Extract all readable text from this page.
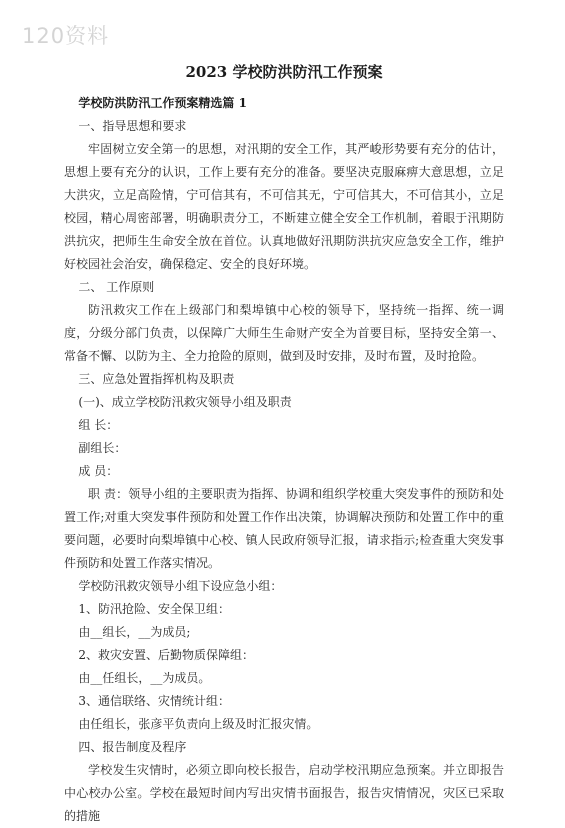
120资料

2023 学校防洪防汛工作预案

学校防洪防汛工作预案精选篇 1

一、指导思想和要求

牢固树立安全第一的思想，对汛期的安全工作，其严峻形势要有充分的估计，思想上要有充分的认识，工作上要有充分的准备。要坚决克服麻痹大意思想，立足大洪灾，立足高险情，宁可信其有，不可信其无，宁可信其大，不可信其小，立足校园，精心周密部署，明确职责分工，不断建立健全安全工作机制，着眼于汛期防洪抗灾，把师生生命安全放在首位。认真地做好汛期防洪抗灾应急安全工作，维护好校园社会治安，确保稳定、安全的良好环境。

二、 工作原则

防汛救灾工作在上级部门和梨埠镇中心校的领导下，坚持统一指挥、统一调度，分级分部门负责，以保障广大师生生命财产安全为首要目标，坚持安全第一、常备不懈、以防为主、全力抢险的原则，做到及时安排，及时布置，及时抢险。

三、应急处置指挥机构及职责

(一)、成立学校防汛救灾领导小组及职责

组 长：

副组长：

成 员：

职 责：领导小组的主要职责为指挥、协调和组织学校重大突发事件的预防和处置工作;对重大突发事件预防和处置工作作出决策，协调解决预防和处置工作中的重要问题，必要时向梨埠镇中心校、镇人民政府领导汇报，请求指示;检查重大突发事件预防和处置工作落实情况。

学校防汛救灾领导小组下设应急小组：

1、防汛抢险、安全保卫组：

由__组长，__为成员;

2、救灾安置、后勤物质保障组：

由__任组长，__为成员。

3、通信联络、灾情统计组：

由任组长，张彦平负责向上级及时汇报灾情。

四、报告制度及程序

学校发生灾情时，必须立即向校长报告，启动学校汛期应急预案。并立即报告中心校办公室。学校在最短时间内写出灾情书面报告，报告灾情情况，灾区已采取的措施
